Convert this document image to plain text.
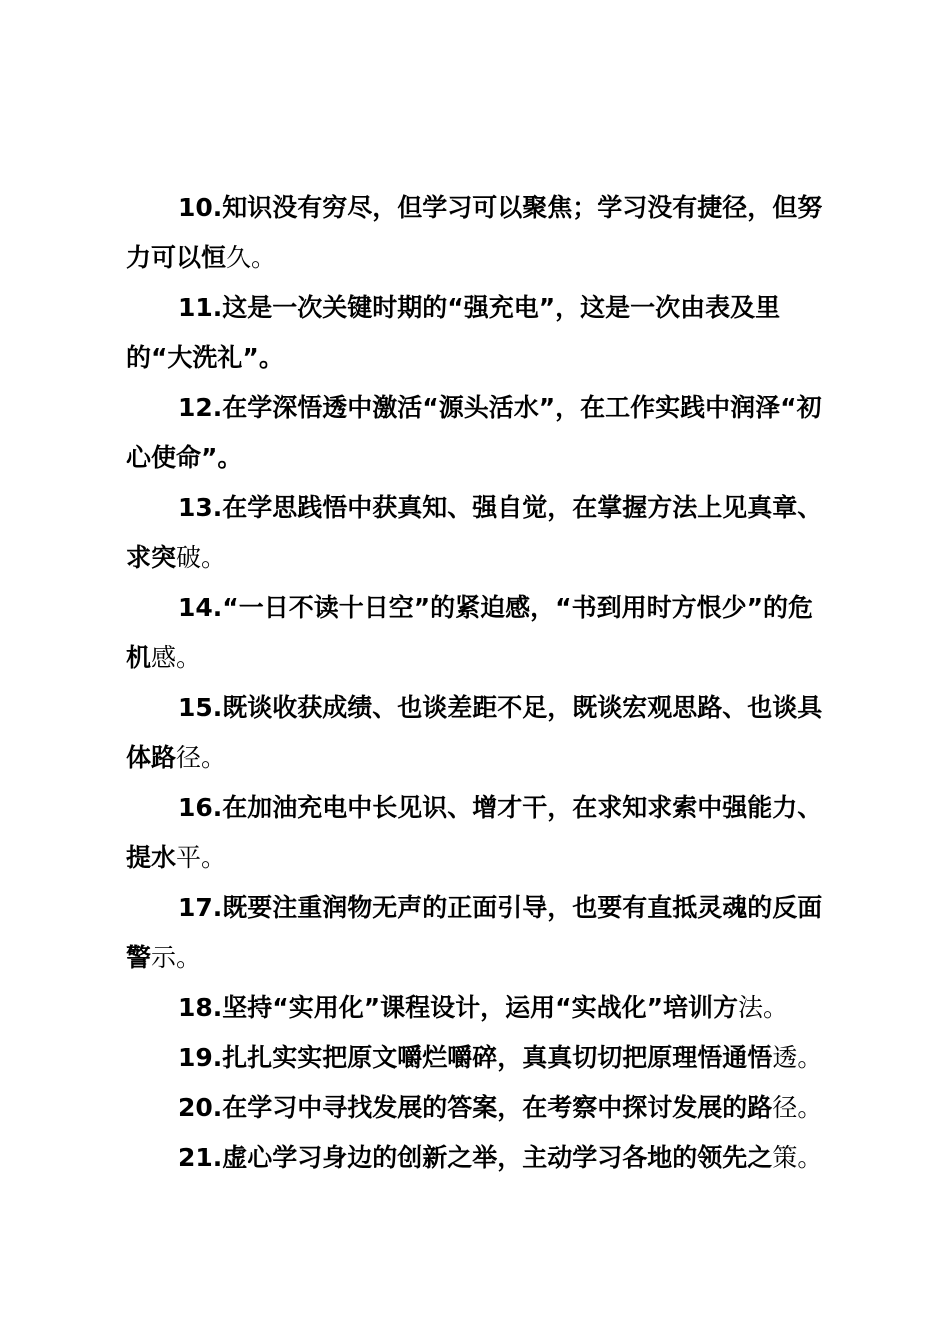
10.知识没有穷尽，但学习可以聚焦；学习没有捷径，但努力可以恒久。

11.这是一次关键时期的“强充电”，这是一次由表及里的“大洗礼”。

12.在学深悟透中激活“源头活水”，在工作实践中润泽“初心使命”。

13.在学思践悟中获真知、强自觉，在掌握方法上见真章、求突破。

14.“一日不读十日空”的紧迫感，“书到用时方恨少”的危机感。

15.既谈收获成绩、也谈差距不足，既谈宏观思路、也谈具体路径。

16.在加油充电中长见识、增才干，在求知求索中强能力、提水平。

17.既要注重润物无声的正面引导，也要有直抵灵魂的反面警示。

18.坚持“实用化”课程设计，运用“实战化”培训方法。

19.扎扎实实把原文嚼烂嚼碎，真真切切把原理悟通悟透。

20.在学习中寻找发展的答案，在考察中探讨发展的路径。

21.虚心学习身边的创新之举，主动学习各地的领先之策。
